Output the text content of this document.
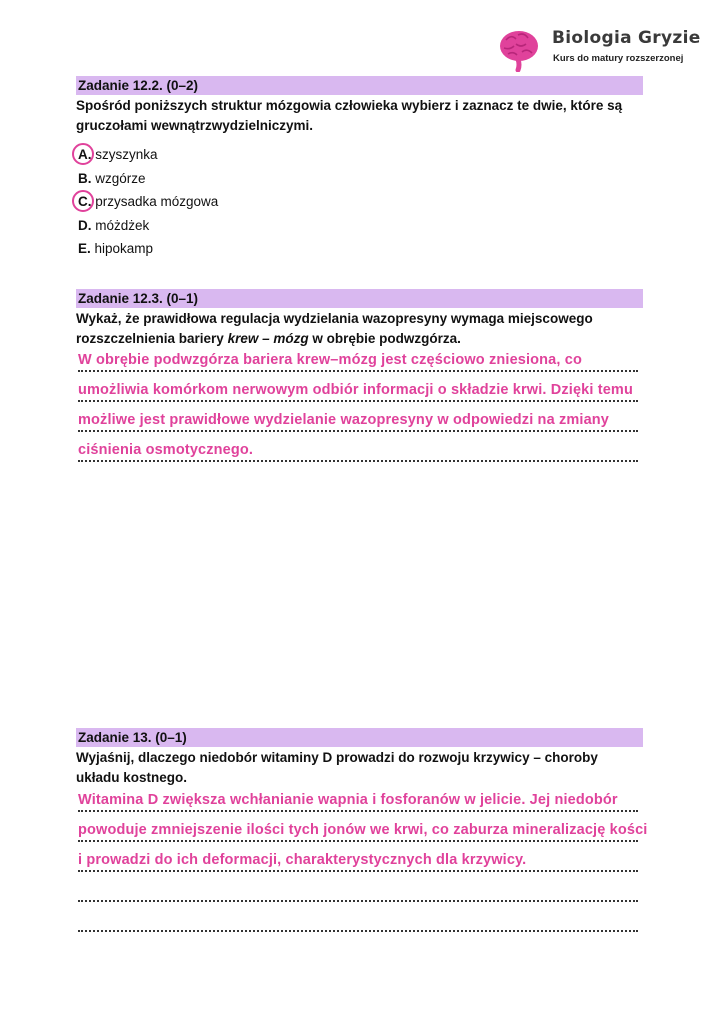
Biologia Gryzie
Kurs do matury rozszerzonej
Zadanie 12.2. (0–2)
Spośród poniższych struktur mózgowia człowieka wybierz i zaznacz te dwie, które są gruczołami wewnątrzwydzielniczymi.
A. szyszynka
B. wzgórze
C. przysadka mózgowa
D. móżdżek
E. hipokamp
Zadanie 12.3. (0–1)
Wykaż, że prawidłowa regulacja wydzielania wazopresyny wymaga miejscowego rozszczelnienia bariery krew – mózg w obrębie podwzgórza.
W obrębie podwzgórza bariera krew–mózg jest częściowo zniesiona, co
umożliwia komórkom nerwowym odbiór informacji o składzie krwi. Dzięki temu
możliwe jest prawidłowe wydzielanie wazopresyny w odpowiedzi na zmiany
ciśnienia osmotycznego.
Zadanie 13. (0–1)
Wyjaśnij, dlaczego niedobór witaminy D prowadzi do rozwoju krzywicy – choroby układu kostnego.
Witamina D zwiększa wchłanianie wapnia i fosforanów w jelicie. Jej niedobór
powoduje zmniejszenie ilości tych jonów we krwi, co zaburza mineralizację kości
i prowadzi do ich deformacji, charakterystycznych dla krzywicy.
